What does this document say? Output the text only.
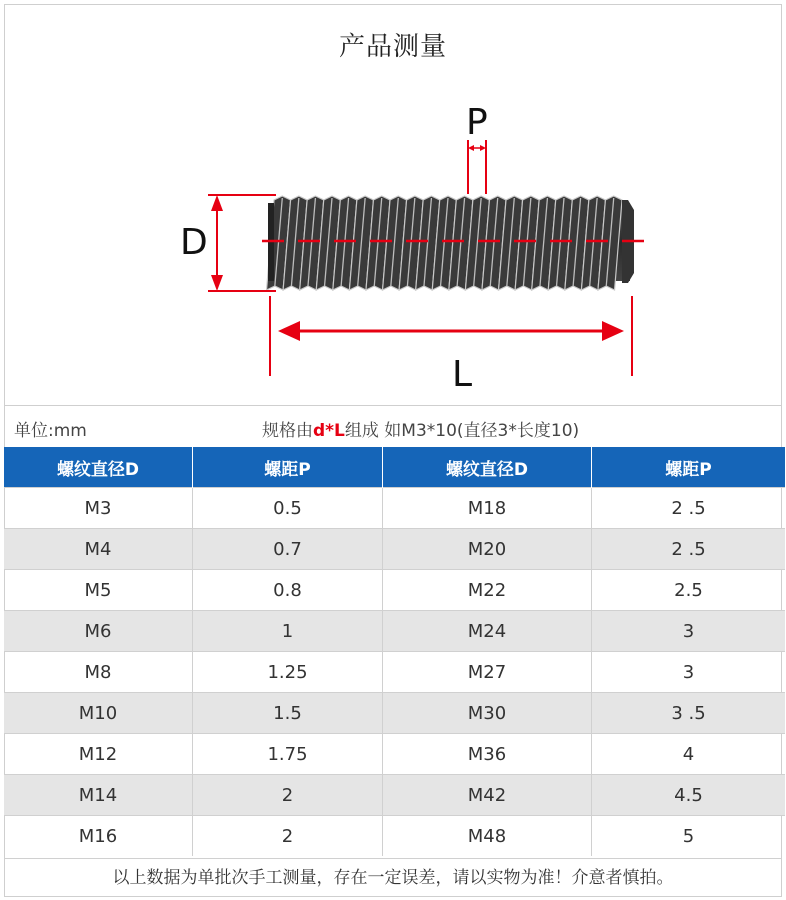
产品测量
D
P
L
单位:mm	规格由d*L组成 如M3*10(直径3*长度10)
螺纹直径D	螺距P	螺纹直径D	螺距P
M3	0.5	M18	2 .5
M4	0.7	M20	2 .5
M5	0.8	M22	2.5
M6	1	M24	3
M8	1.25	M27	3
M10	1.5	M30	3 .5
M12	1.75	M36	4
M14	2	M42	4.5
M16	2	M48	5
以上数据为单批次手工测量，存在一定误差，请以实物为准！介意者慎拍。
